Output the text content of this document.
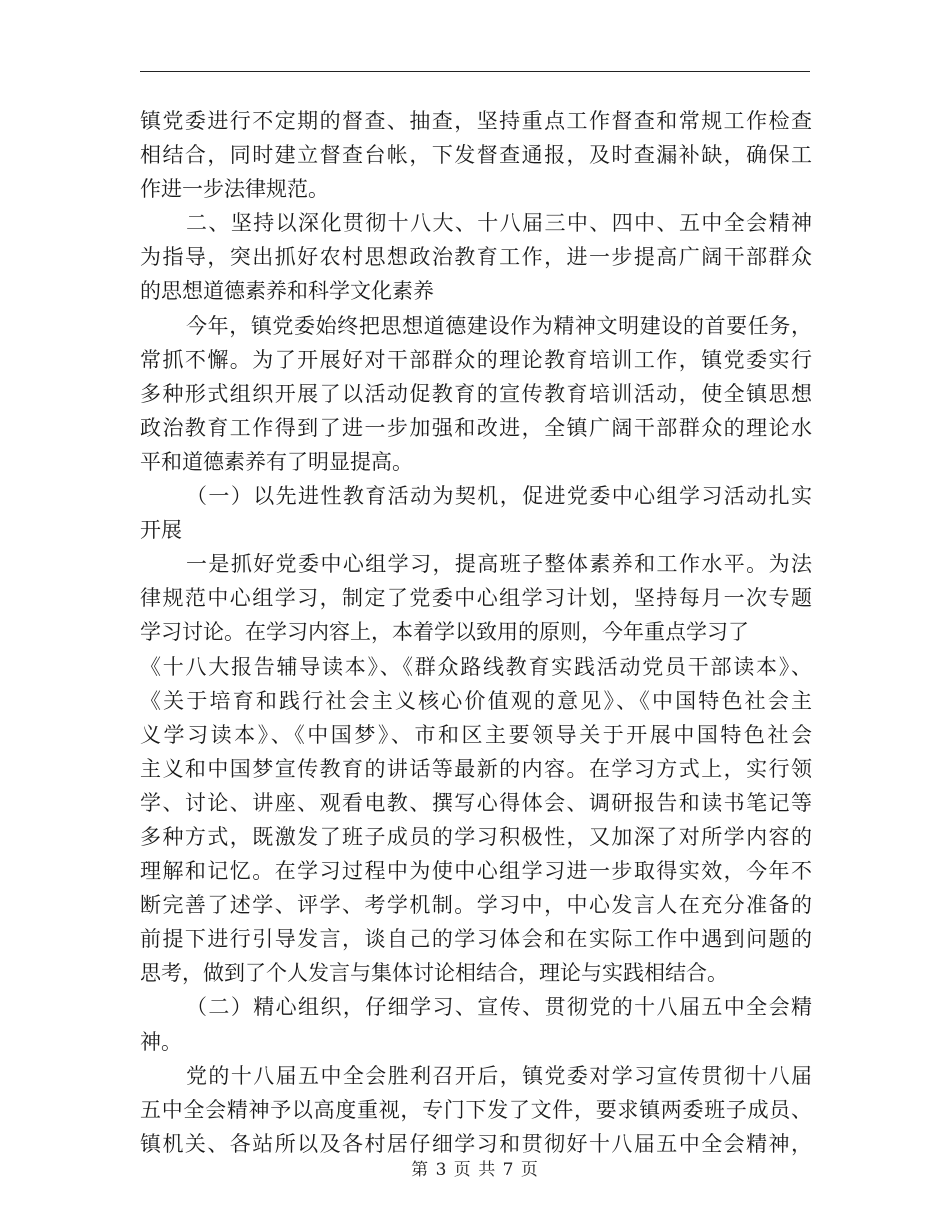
镇党委进行不定期的督查、抽查，坚持重点工作督查和常规工作检查
相结合，同时建立督查台帐，下发督查通报，及时查漏补缺，确保工
作进一步法律规范。
二、坚持以深化贯彻十八大、十八届三中、四中、五中全会精神
为指导，突出抓好农村思想政治教育工作，进一步提高广阔干部群众
的思想道德素养和科学文化素养
今年，镇党委始终把思想道德建设作为精神文明建设的首要任务，
常抓不懈。为了开展好对干部群众的理论教育培训工作，镇党委实行
多种形式组织开展了以活动促教育的宣传教育培训活动，使全镇思想
政治教育工作得到了进一步加强和改进，全镇广阔干部群众的理论水
平和道德素养有了明显提高。
（一）以先进性教育活动为契机，促进党委中心组学习活动扎实
开展
一是抓好党委中心组学习，提高班子整体素养和工作水平。为法
律规范中心组学习，制定了党委中心组学习计划，坚持每月一次专题
学习讨论。在学习内容上，本着学以致用的原则，今年重点学习了
《十八大报告辅导读本》、《群众路线教育实践活动党员干部读本》、
《关于培育和践行社会主义核心价值观的意见》、《中国特色社会主
义学习读本》、《中国梦》、市和区主要领导关于开展中国特色社会
主义和中国梦宣传教育的讲话等最新的内容。在学习方式上，实行领
学、讨论、讲座、观看电教、撰写心得体会、调研报告和读书笔记等
多种方式，既激发了班子成员的学习积极性，又加深了对所学内容的
理解和记忆。在学习过程中为使中心组学习进一步取得实效，今年不
断完善了述学、评学、考学机制。学习中，中心发言人在充分准备的
前提下进行引导发言，谈自己的学习体会和在实际工作中遇到问题的
思考，做到了个人发言与集体讨论相结合，理论与实践相结合。
（二）精心组织，仔细学习、宣传、贯彻党的十八届五中全会精
神。
党的十八届五中全会胜利召开后，镇党委对学习宣传贯彻十八届
五中全会精神予以高度重视，专门下发了文件，要求镇两委班子成员、
镇机关、各站所以及各村居仔细学习和贯彻好十八届五中全会精神，
第 3 页 共 7 页
